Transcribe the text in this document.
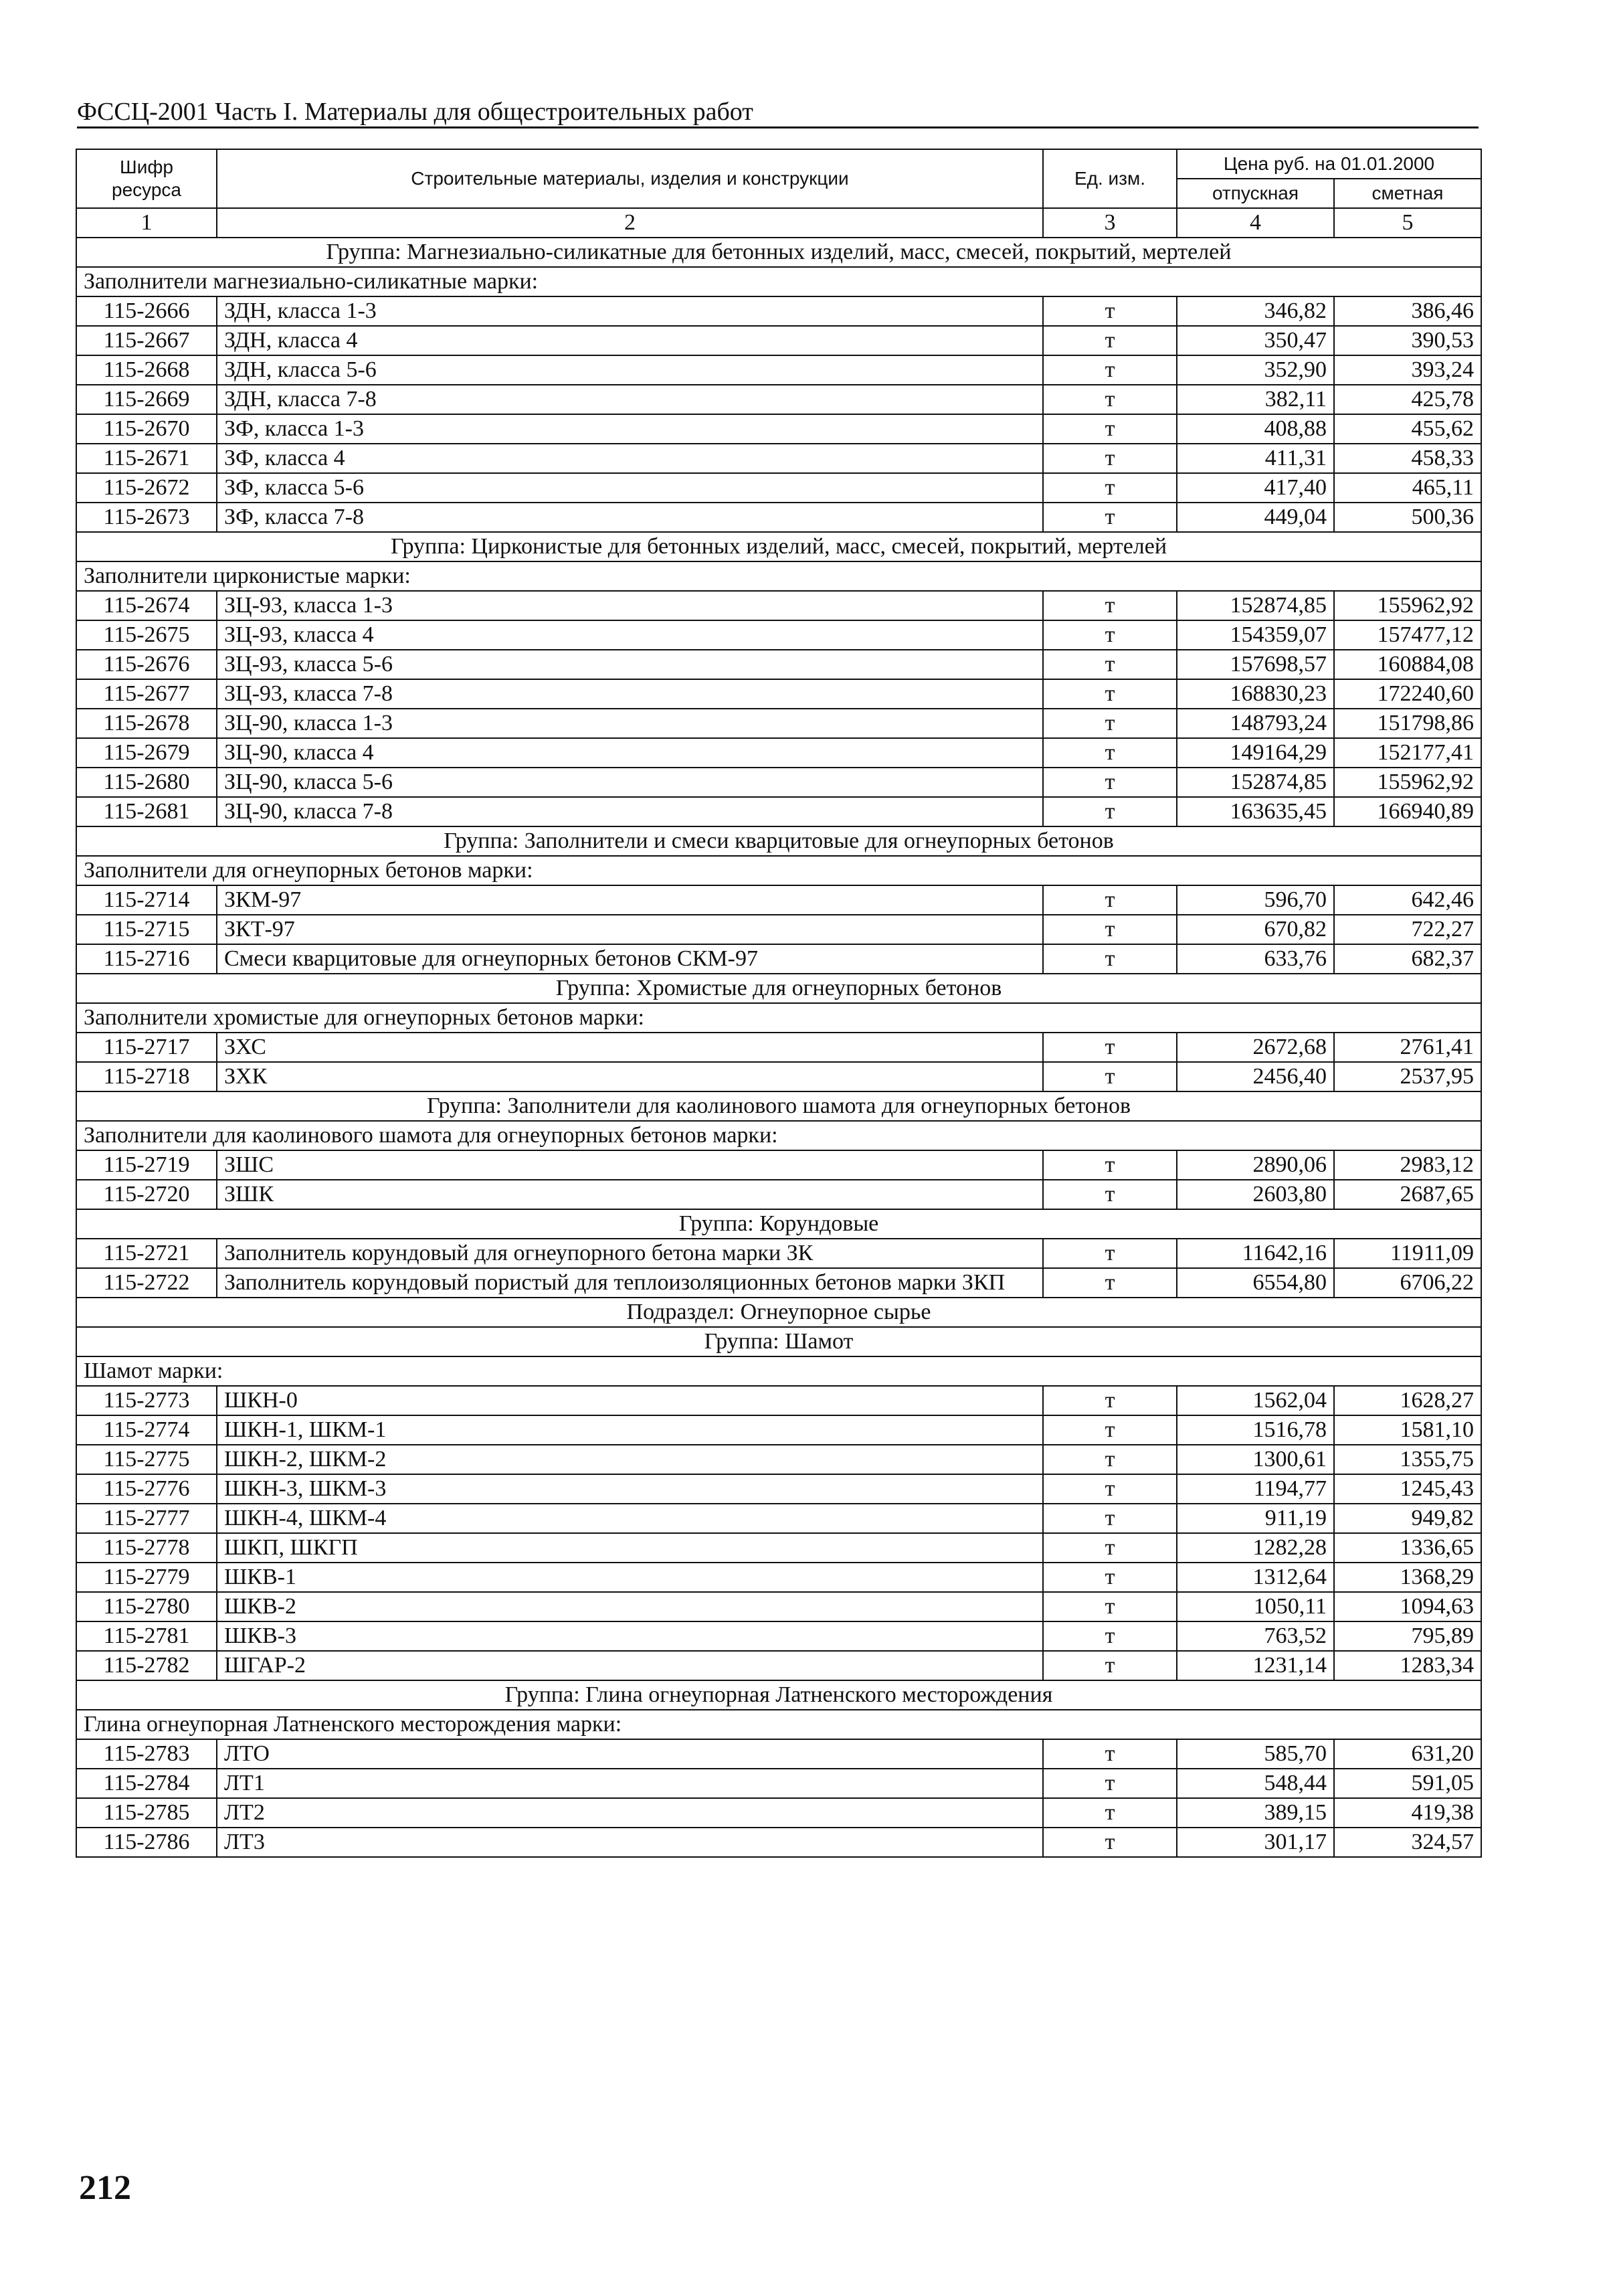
ФССЦ-2001 Часть I. Материалы для общестроительных работ
Шифр ресурса	Строительные материалы, изделия и конструкции	Ед. изм.	Цена руб. на 01.01.2000	
			отпускная	сметная
1	2	3	4	5
Группа: Магнезиально-силикатные для бетонных изделий, масс, смесей, покрытий, мертелей				
Заполнители магнезиально-силикатные марки:				
115-2666	ЗДН, класса 1-3	т	346,82	386,46
115-2667	ЗДН, класса 4	т	350,47	390,53
115-2668	ЗДН, класса 5-6	т	352,90	393,24
115-2669	ЗДН, класса 7-8	т	382,11	425,78
115-2670	ЗФ, класса 1-3	т	408,88	455,62
115-2671	ЗФ, класса 4	т	411,31	458,33
115-2672	ЗФ, класса 5-6	т	417,40	465,11
115-2673	ЗФ, класса 7-8	т	449,04	500,36
Группа: Цирконистые для бетонных изделий, масс, смесей, покрытий, мертелей				
Заполнители цирконистые марки:				
115-2674	ЗЦ-93, класса 1-3	т	152874,85	155962,92
115-2675	ЗЦ-93, класса 4	т	154359,07	157477,12
115-2676	ЗЦ-93, класса 5-6	т	157698,57	160884,08
115-2677	ЗЦ-93, класса 7-8	т	168830,23	172240,60
115-2678	ЗЦ-90, класса 1-3	т	148793,24	151798,86
115-2679	ЗЦ-90, класса 4	т	149164,29	152177,41
115-2680	ЗЦ-90, класса 5-6	т	152874,85	155962,92
115-2681	ЗЦ-90, класса 7-8	т	163635,45	166940,89
Группа: Заполнители и смеси кварцитовые для огнеупорных бетонов				
Заполнители для огнеупорных бетонов марки:				
115-2714	ЗКМ-97	т	596,70	642,46
115-2715	ЗКТ-97	т	670,82	722,27
115-2716	Смеси кварцитовые для огнеупорных бетонов СКМ-97	т	633,76	682,37
Группа: Хромистые для огнеупорных бетонов				
Заполнители хромистые для огнеупорных бетонов марки:				
115-2717	ЗХС	т	2672,68	2761,41
115-2718	ЗХК	т	2456,40	2537,95
Группа: Заполнители для каолинового шамота для огнеупорных бетонов				
Заполнители для каолинового шамота для огнеупорных бетонов марки:				
115-2719	ЗШС	т	2890,06	2983,12
115-2720	ЗШК	т	2603,80	2687,65
Группа: Корундовые				
115-2721	Заполнитель корундовый для огнеупорного бетона марки ЗК	т	11642,16	11911,09
115-2722	Заполнитель корундовый пористый для теплоизоляционных бетонов марки ЗКП	т	6554,80	6706,22
Подраздел: Огнеупорное сырье				
Группа: Шамот				
Шамот марки:				
115-2773	ШКН-0	т	1562,04	1628,27
115-2774	ШКН-1, ШКМ-1	т	1516,78	1581,10
115-2775	ШКН-2, ШКМ-2	т	1300,61	1355,75
115-2776	ШКН-3, ШКМ-3	т	1194,77	1245,43
115-2777	ШКН-4, ШКМ-4	т	911,19	949,82
115-2778	ШКП, ШКГП	т	1282,28	1336,65
115-2779	ШКВ-1	т	1312,64	1368,29
115-2780	ШКВ-2	т	1050,11	1094,63
115-2781	ШКВ-3	т	763,52	795,89
115-2782	ШГАР-2	т	1231,14	1283,34
Группа: Глина огнеупорная Латненского месторождения				
Глина огнеупорная Латненского месторождения марки:				
115-2783	ЛТО	т	585,70	631,20
115-2784	ЛТ1	т	548,44	591,05
115-2785	ЛТ2	т	389,15	419,38
115-2786	ЛТ3	т	301,17	324,57
212
